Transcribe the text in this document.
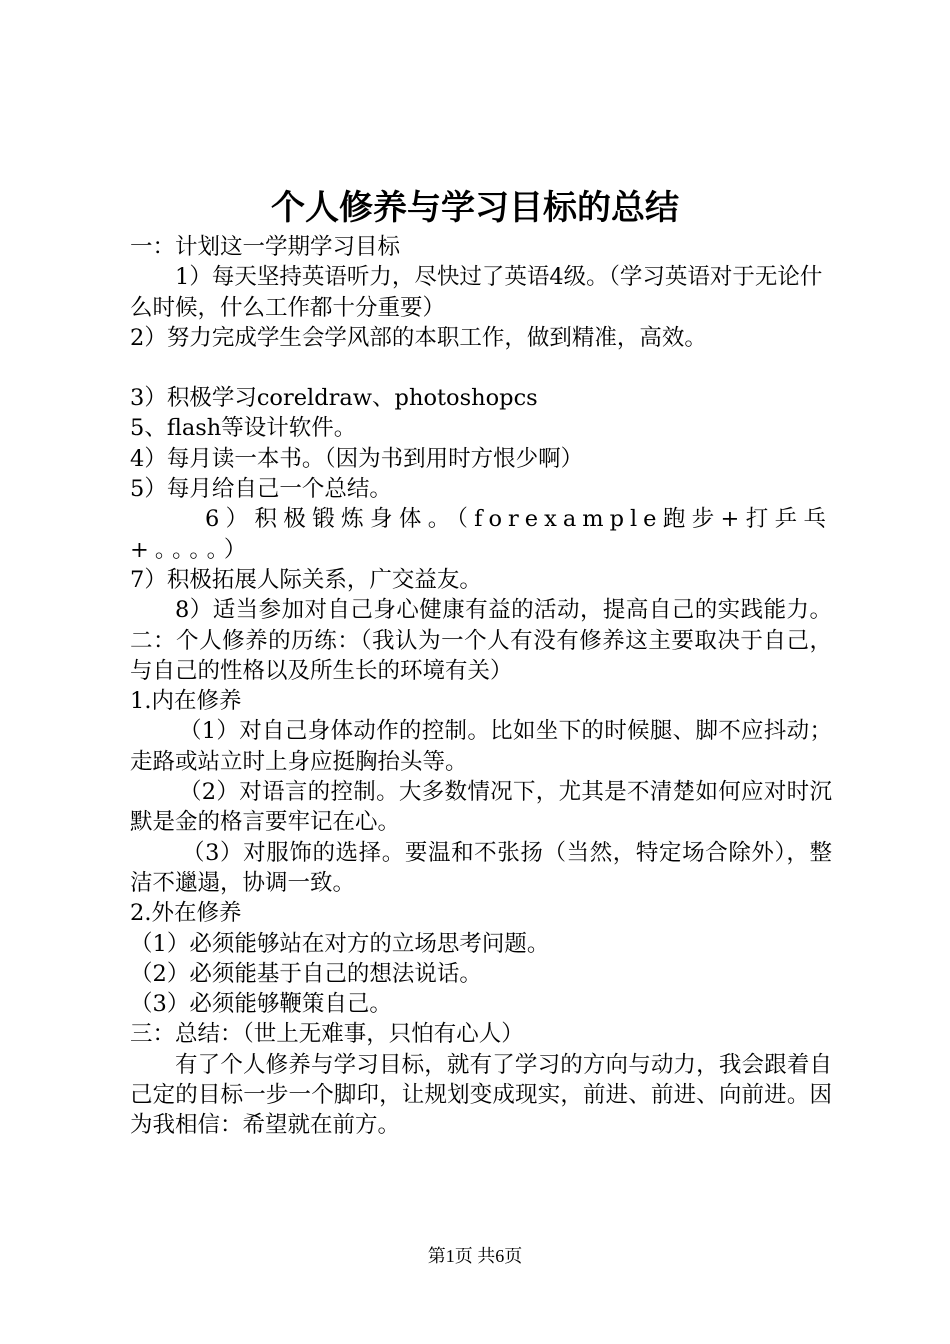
个人修养与学习目标的总结

一：计划这一学期学习目标

1）每天坚持英语听力，尽快过了英语4级。（学习英语对于无论什

么时候，什么工作都十分重要）

2）努力完成学生会学风部的本职工作，做到精准，高效。

3）积极学习coreldraw、photoshopcs

5、flash等设计软件。

4）每月读一本书。（因为书到用时方恨少啊）

5）每月给自己一个总结。

6）积极锻炼身体。（forexample跑步+打乒乓+。。。。）

7）积极拓展人际关系，广交益友。

8）适当参加对自己身心健康有益的活动，提高自己的实践能力。二：个人修养的历练：（我认为一个人有没有修养这主要取决于自己，与自己的性格以及所生长的环境有关）

1.内在修养

（1）对自己身体动作的控制。比如坐下的时候腿、脚不应抖动；走路或站立时上身应挺胸抬头等。

（2）对语言的控制。大多数情况下，尤其是不清楚如何应对时沉默是金的格言要牢记在心。

（3）对服饰的选择。要温和不张扬（当然，特定场合除外），整洁不邋遢，协调一致。

2.外在修养

（1）必须能够站在对方的立场思考问题。

（2）必须能基于自己的想法说话。

（3）必须能够鞭策自己。

三：总结：（世上无难事，只怕有心人）

有了个人修养与学习目标，就有了学习的方向与动力，我会跟着自己定的目标一步一个脚印，让规划变成现实，前进、前进、向前进。因为我相信：希望就在前方。

第1页 共6页
